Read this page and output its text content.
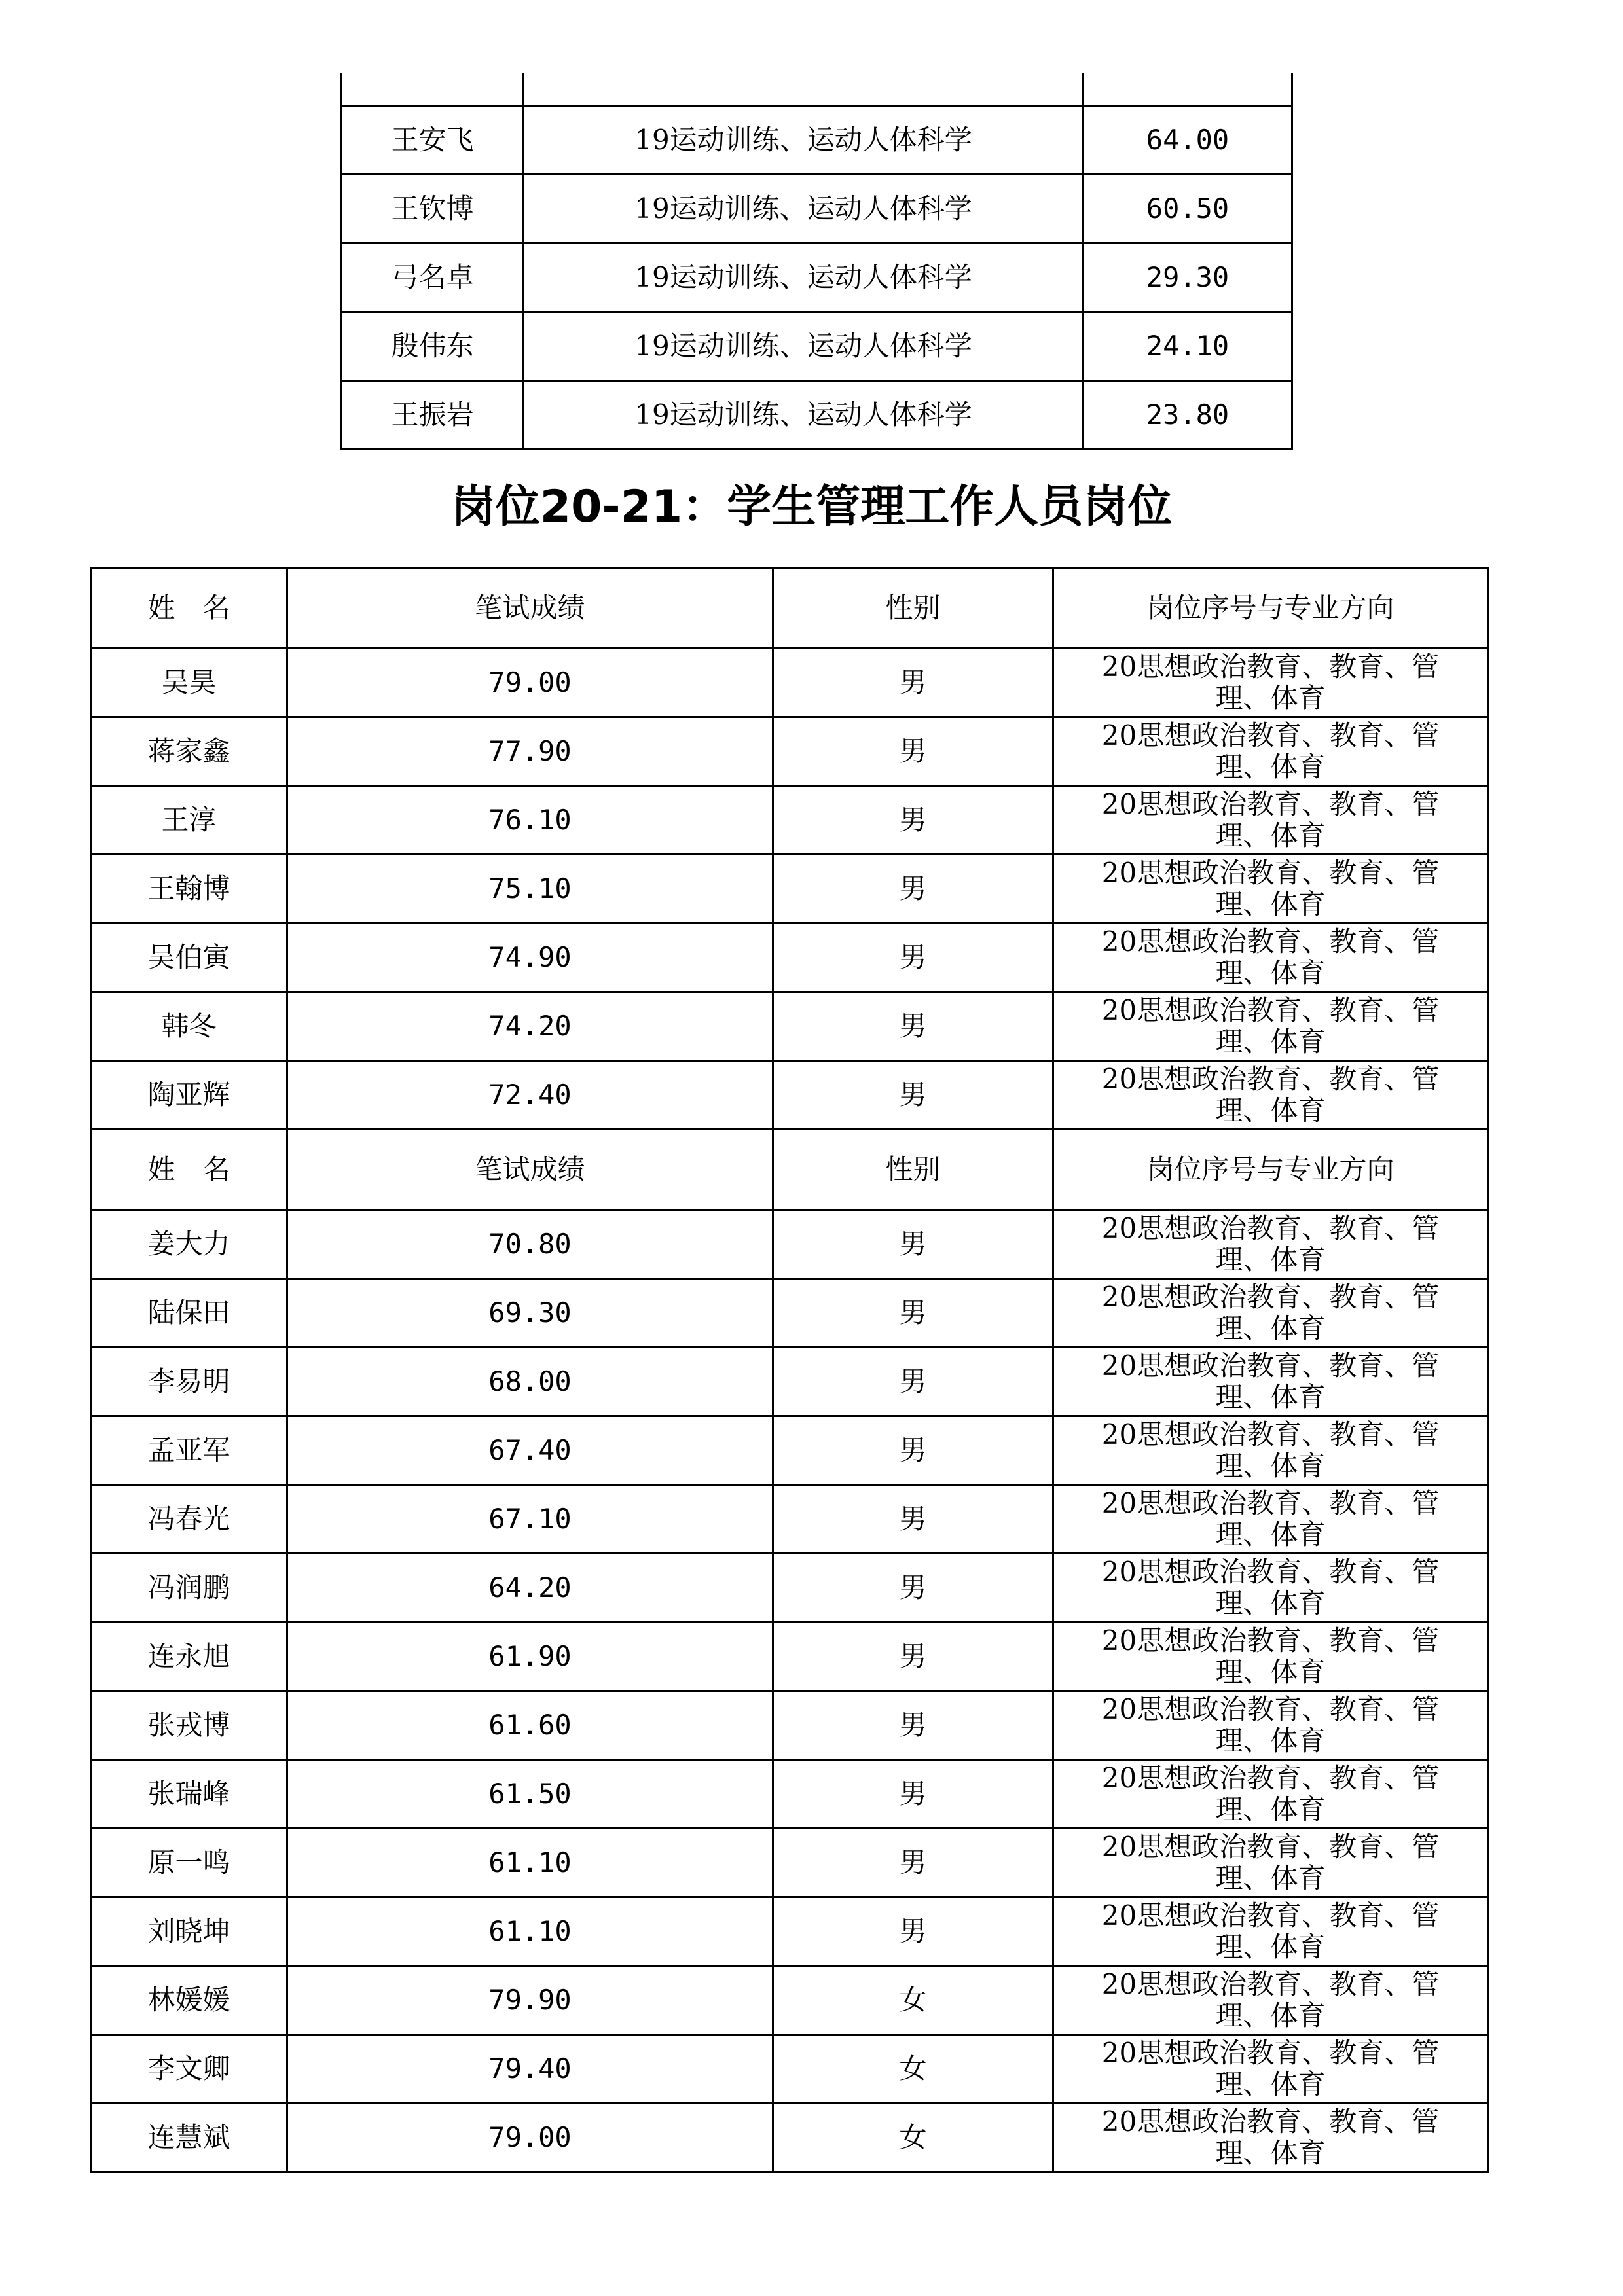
王安飞	19运动训练、运动人体科学	64.00
王钦博	19运动训练、运动人体科学	60.50
弓名卓	19运动训练、运动人体科学	29.30
殷伟东	19运动训练、运动人体科学	24.10
王振岩	19运动训练、运动人体科学	23.80
岗位20-21：学生管理工作人员岗位
姓　名	笔试成绩	性别	岗位序号与专业方向
吴昊	79.00	男	20思想政治教育、教育、管理、体育
蒋家鑫	77.90	男	20思想政治教育、教育、管理、体育
王淳	76.10	男	20思想政治教育、教育、管理、体育
王翰博	75.10	男	20思想政治教育、教育、管理、体育
吴伯寅	74.90	男	20思想政治教育、教育、管理、体育
韩冬	74.20	男	20思想政治教育、教育、管理、体育
陶亚辉	72.40	男	20思想政治教育、教育、管理、体育
姓　名	笔试成绩	性别	岗位序号与专业方向
姜大力	70.80	男	20思想政治教育、教育、管理、体育
陆保田	69.30	男	20思想政治教育、教育、管理、体育
李易明	68.00	男	20思想政治教育、教育、管理、体育
孟亚军	67.40	男	20思想政治教育、教育、管理、体育
冯春光	67.10	男	20思想政治教育、教育、管理、体育
冯润鹏	64.20	男	20思想政治教育、教育、管理、体育
连永旭	61.90	男	20思想政治教育、教育、管理、体育
张戎博	61.60	男	20思想政治教育、教育、管理、体育
张瑞峰	61.50	男	20思想政治教育、教育、管理、体育
原一鸣	61.10	男	20思想政治教育、教育、管理、体育
刘晓坤	61.10	男	20思想政治教育、教育、管理、体育
林媛媛	79.90	女	20思想政治教育、教育、管理、体育
李文卿	79.40	女	20思想政治教育、教育、管理、体育
连慧斌	79.00	女	20思想政治教育、教育、管理、体育
